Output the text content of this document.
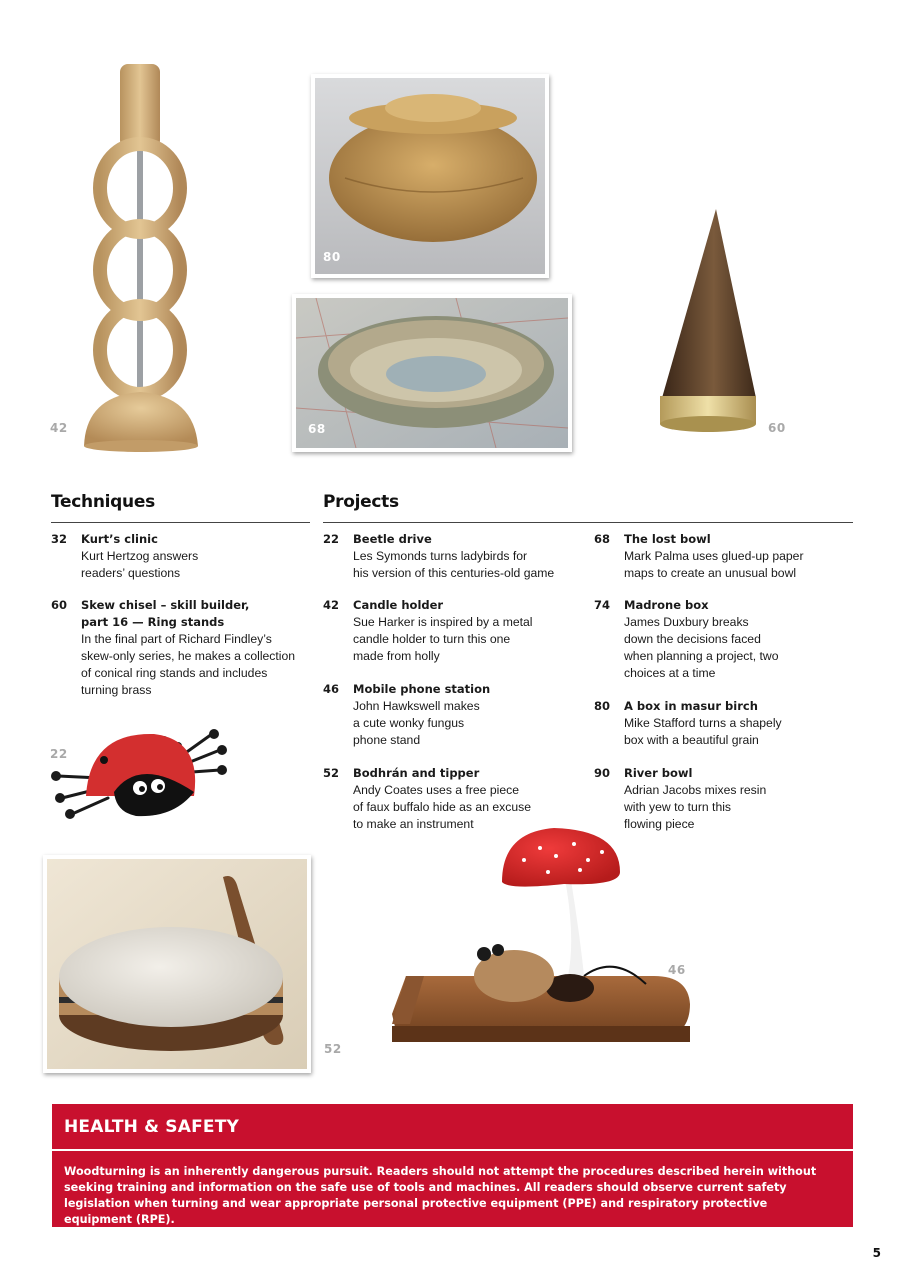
42
80
68	60
Techniques
32 Kurt’s clinic
Kurt Hertzog answers
readers’ questions
60 Skew chisel – skill builder,
part 16 — Ring stands
In the final part of Richard Findley’s
skew-only series, he makes a collection
of conical ring stands and includes
turning brass
22
52
Projects
22 Beetle drive
Les Symonds turns ladybirds for
his version of this centuries-old game
42 Candle holder
Sue Harker is inspired by a metal
candle holder to turn this one
made from holly
46 Mobile phone station
John Hawkswell makes
a cute wonky fungus
phone stand
52 Bodhrán and tipper
Andy Coates uses a free piece
of faux buffalo hide as an excuse
to make an instrument
68 The lost bowl
Mark Palma uses glued-up paper
maps to create an unusual bowl
74 Madrone box
James Duxbury breaks
down the decisions faced
when planning a project, two
choices at a time
80 A box in masur birch
Mike Stafford turns a shapely
box with a beautiful grain
90 River bowl
Adrian Jacobs mixes resin
with yew to turn this
flowing piece
46
HEALTH & SAFETY
Woodturning is an inherently dangerous pursuit. Readers should not attempt the procedures described herein without seeking training and information on the safe use of tools and machines. All readers should observe current safety legislation when turning and wear appropriate personal protective equipment (PPE) and respiratory protective equipment (RPE).
5
